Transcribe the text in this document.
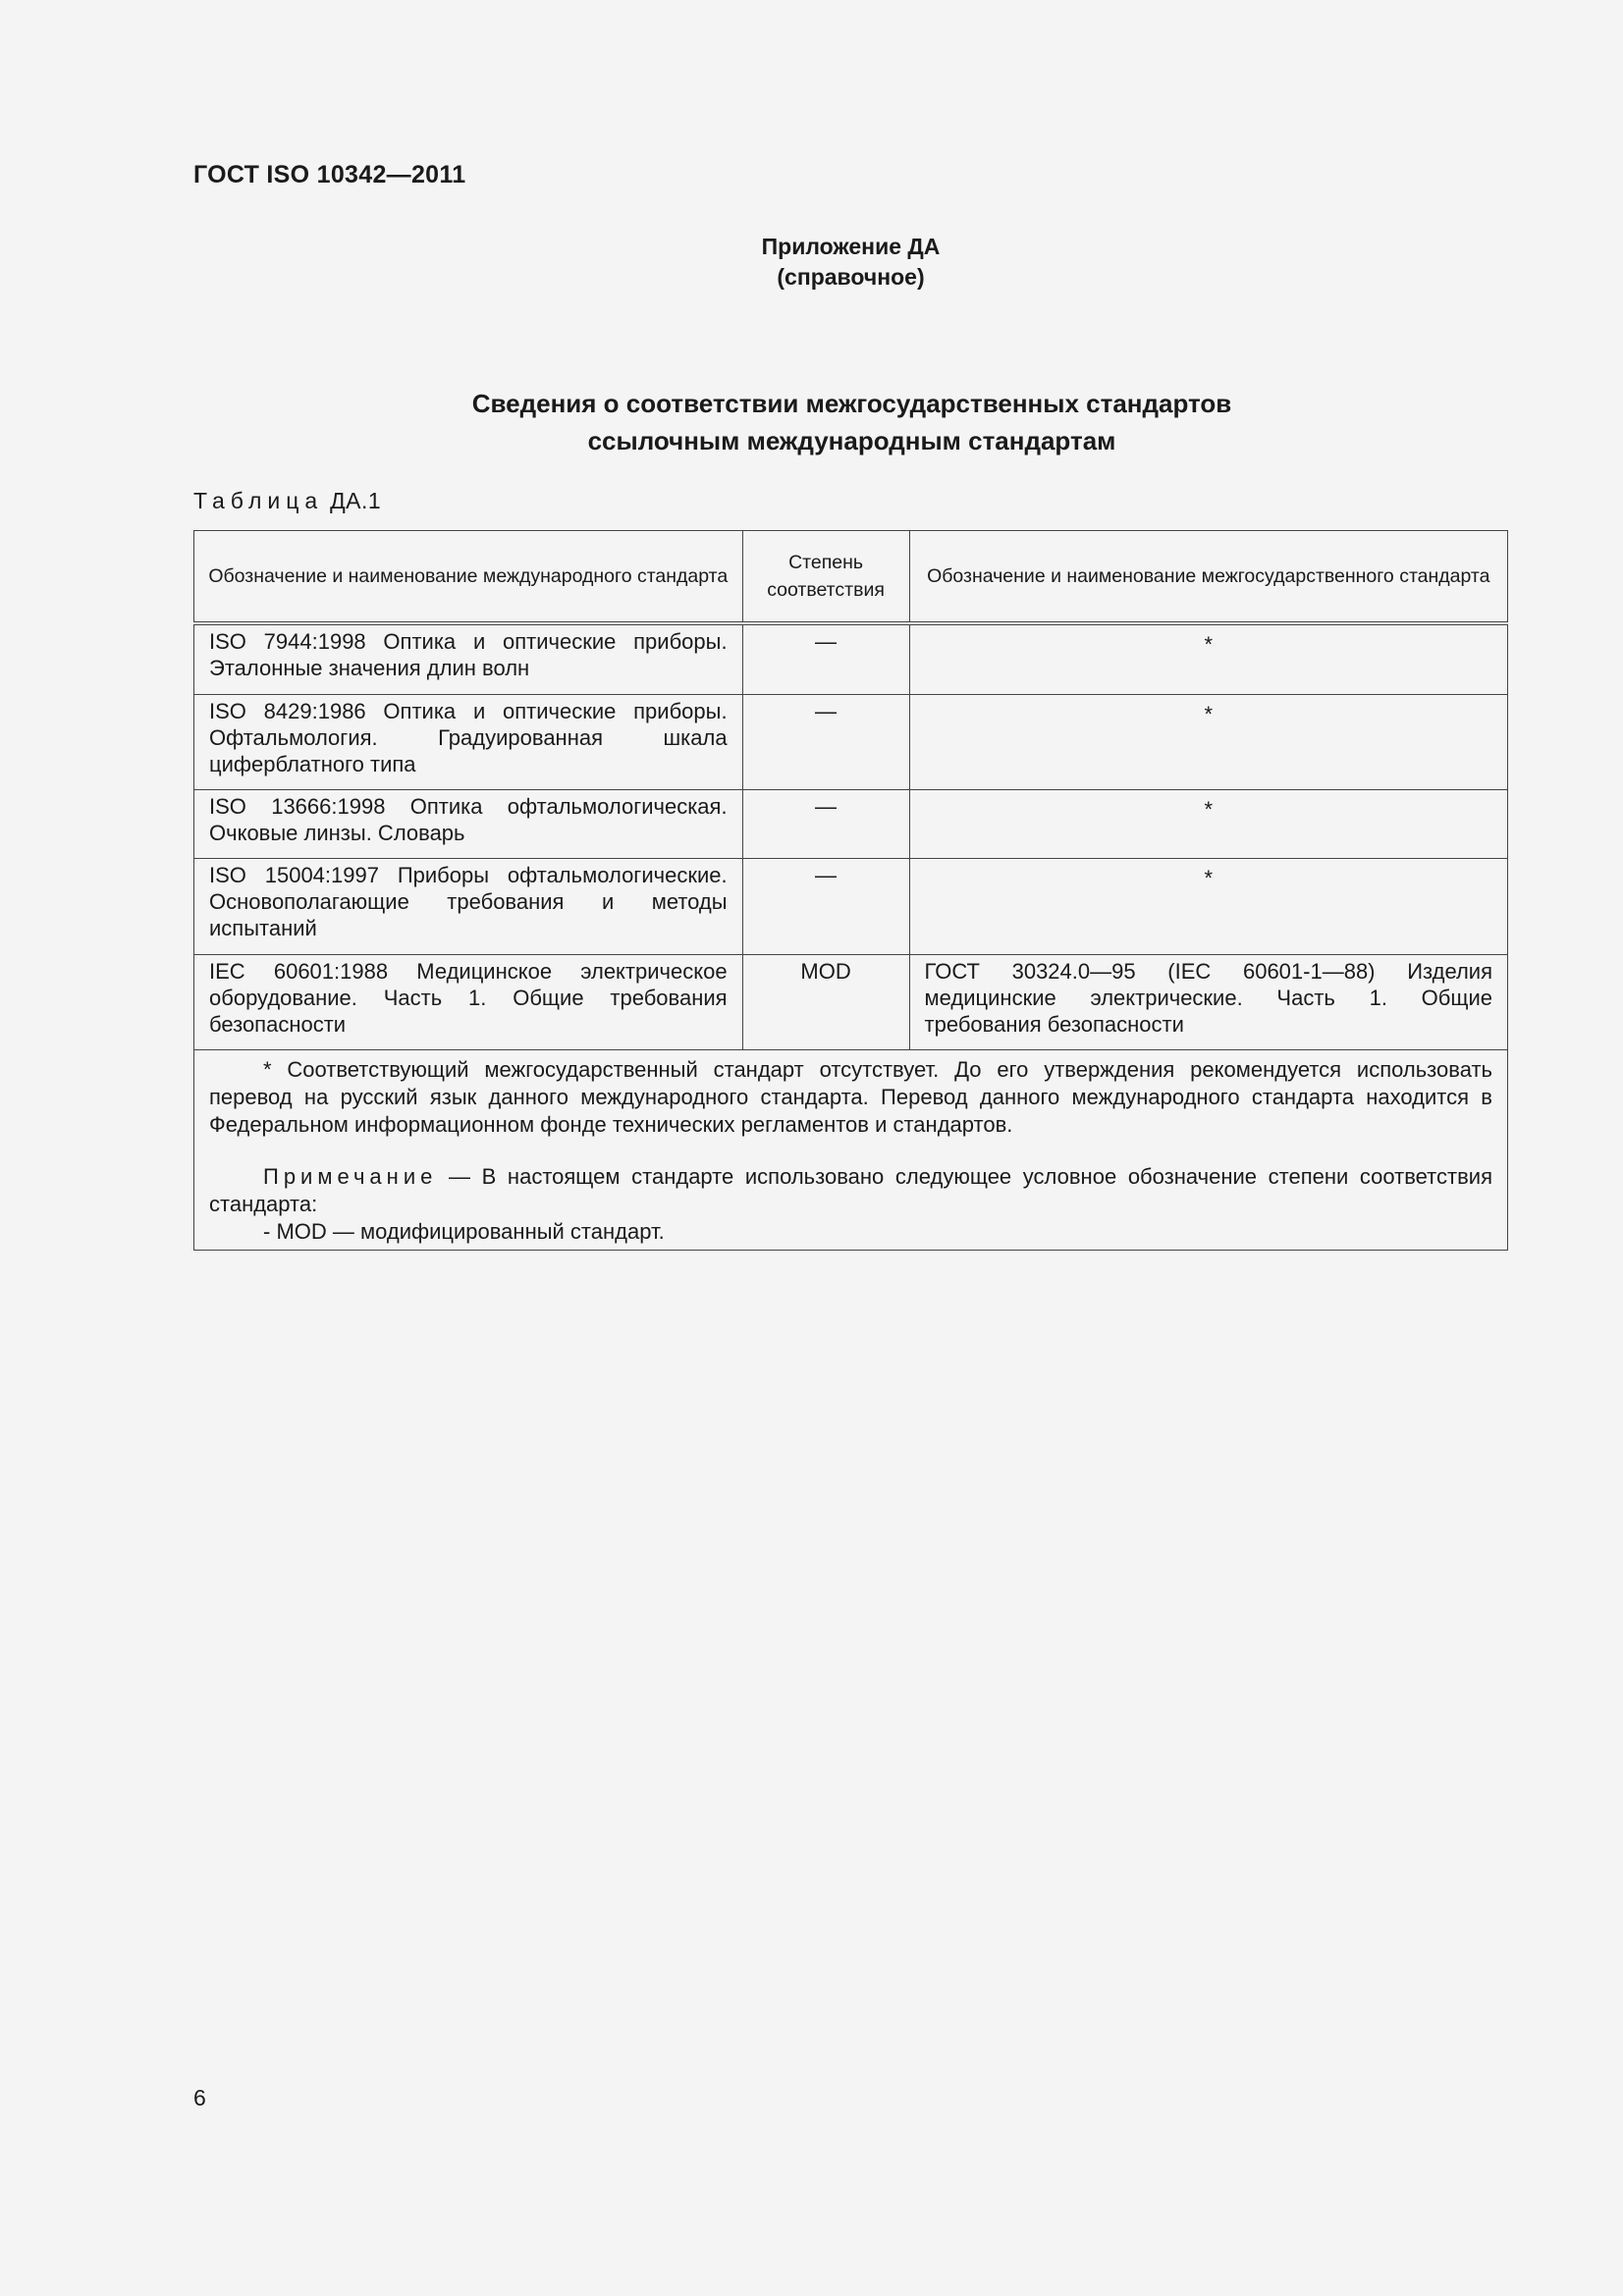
ГОСТ ISO 10342—2011
Приложение ДА
(справочное)
Сведения о соответствии межгосударственных стандартов
ссылочным международным стандартам
Таблица ДА.1
Обозначение и наименование международного стандарта	Степень соответствия	Обозначение и наименование межгосударственного стандарта
ISO 7944:1998 Оптика и оптические приборы. Эталонные значения длин волн	—	*
ISO 8429:1986 Оптика и оптические приборы. Офтальмология. Градуированная шкала циферблатного типа	—	*
ISO 13666:1998 Оптика офтальмологическая. Очковые линзы. Словарь	—	*
ISO 15004:1997 Приборы офтальмологические. Основополагающие требования и методы испытаний	—	*
IEC 60601:1988 Медицинское электрическое оборудование. Часть 1. Общие требования безопасности	MOD	ГОСТ 30324.0—95 (IEC 60601-1—88) Изделия медицинские электрические. Часть 1. Общие требования безопасности

* Соответствующий межгосударственный стандарт отсутствует. До его утверждения рекомендуется использовать перевод на русский язык данного международного стандарта. Перевод данного международного стандарта находится в Федеральном информационном фонде технических регламентов и стандартов.

Примечание — В настоящем стандарте использовано следующее условное обозначение степени соответствия стандарта:

- MOD — модифицированный стандарт.		
6
